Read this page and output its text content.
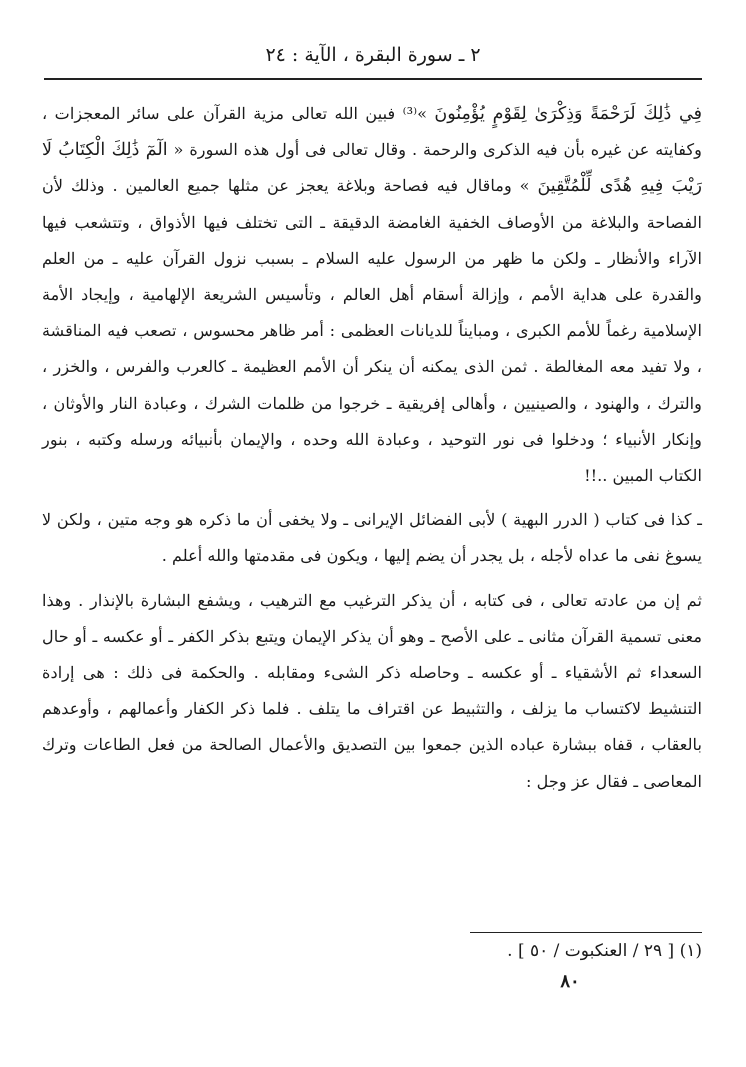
٢ ـ سورة البقرة ، الآية : ٢٤

فِي ذَٰلِكَ لَرَحْمَةً وَذِكْرَىٰ لِقَوْمٍ يُؤْمِنُونَ »⁽³⁾ فبين الله تعالى مزية القرآن على سائر المعجزات ، وكفايته عن غيره بأن فيه الذكرى والرحمة . وقال تعالى فى أول هذه السورة « الٓمٓ ذَٰلِكَ الْكِتَابُ لَا رَيْبَ فِيهِ هُدًى لِّلْمُتَّقِينَ » وماقال فيه فصاحة وبلاغة يعجز عن مثلها جميع العالمين . وذلك لأن الفصاحة والبلاغة من الأوصاف الخفية الغامضة الدقيقة ـ التى تختلف فيها الأذواق ، وتتشعب فيها الآراء والأنظار ـ ولكن ما ظهر من الرسول عليه السلام ـ بسبب نزول القرآن عليه ـ من العلم والقدرة على هداية الأمم ، وإزالة أسقام أهل العالم ، وتأسيس الشريعة الإلهامية ، وإيجاد الأمة الإسلامية رغماً للأمم الكبرى ، ومبايناً للديانات العظمى : أمر ظاهر محسوس ، تصعب فيه المناقشة ، ولا تفيد معه المغالطة . ثمن الذى يمكنه أن ينكر أن الأمم العظيمة ـ كالعرب والفرس ، والخزر ، والترك ، والهنود ، والصينيين ، وأهالى إفريقية ـ خرجوا من ظلمات الشرك ، وعبادة النار والأوثان ، وإنكار الأنبياء ؛ ودخلوا فى نور التوحيد ، وعبادة الله وحده ، والإيمان بأنبيائه ورسله وكتبه ، بنور الكتاب المبين ..!!

ـ كذا فى كتاب ( الدرر البهية ) لأبى الفضائل الإيرانى ـ ولا يخفى أن ما ذكره هو وجه متين ، ولكن لا يسوغ نفى ما عداه لأجله ، بل يجدر أن يضم إليها ، ويكون فى مقدمتها والله أعلم .

ثم إن من عادته تعالى ، فى كتابه ، أن يذكر الترغيب مع الترهيب ، ويشفع البشارة بالإنذار . وهذا معنى تسمية القرآن مثانى ـ على الأصح ـ وهو أن يذكر الإيمان ويتبع بذكر الكفر ـ أو عكسه ـ أو حال السعداء ثم الأشقياء ـ أو عكسه ـ وحاصله ذكر الشىء ومقابله . والحكمة فى ذلك : هى إرادة التنشيط لاكتساب ما يزلف ، والتثبيط عن اقتراف ما يتلف . فلما ذكر الكفار وأعمالهم ، وأوعدهم بالعقاب ، قفاه ببشارة عباده الذين جمعوا بين التصديق والأعمال الصالحة من فعل الطاعات وترك المعاصى ـ فقال عز وجل :

(١) [ ٢٩ / العنكبوت / ٥٠ ] .
٨٠
